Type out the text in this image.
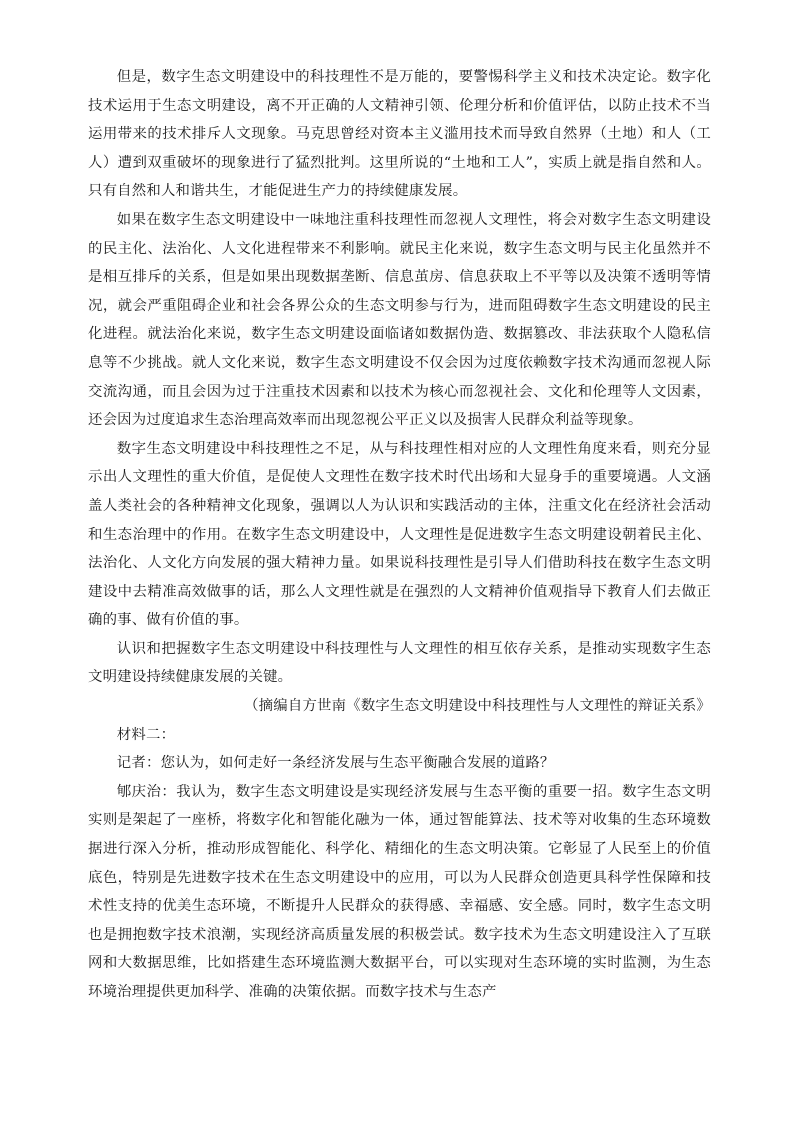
但是，数字生态文明建设中的科技理性不是万能的，要警惕科学主义和技术决定论。数字化技术运用于生态文明建设，离不开正确的人文精神引领、伦理分析和价值评估，以防止技术不当运用带来的技术排斥人文现象。马克思曾经对资本主义滥用技术而导致自然界（土地）和人（工人）遭到双重破坏的现象进行了猛烈批判。这里所说的“土地和工人”，实质上就是指自然和人。只有自然和人和谐共生，才能促进生产力的持续健康发展。

如果在数字生态文明建设中一味地注重科技理性而忽视人文理性，将会对数字生态文明建设的民主化、法治化、人文化进程带来不利影响。就民主化来说，数字生态文明与民主化虽然并不是相互排斥的关系，但是如果出现数据垄断、信息茧房、信息获取上不平等以及决策不透明等情况，就会严重阻碍企业和社会各界公众的生态文明参与行为，进而阻碍数字生态文明建设的民主化进程。就法治化来说，数字生态文明建设面临诸如数据伪造、数据篡改、非法获取个人隐私信息等不少挑战。就人文化来说，数字生态文明建设不仅会因为过度依赖数字技术沟通而忽视人际交流沟通，而且会因为过于注重技术因素和以技术为核心而忽视社会、文化和伦理等人文因素，还会因为过度追求生态治理高效率而出现忽视公平正义以及损害人民群众利益等现象。

数字生态文明建设中科技理性之不足，从与科技理性相对应的人文理性角度来看，则充分显示出人文理性的重大价值，是促使人文理性在数字技术时代出场和大显身手的重要境遇。人文涵盖人类社会的各种精神文化现象，强调以人为认识和实践活动的主体，注重文化在经济社会活动和生态治理中的作用。在数字生态文明建设中，人文理性是促进数字生态文明建设朝着民主化、法治化、人文化方向发展的强大精神力量。如果说科技理性是引导人们借助科技在数字生态文明建设中去精准高效做事的话，那么人文理性就是在强烈的人文精神价值观指导下教育人们去做正确的事、做有价值的事。

认识和把握数字生态文明建设中科技理性与人文理性的相互依存关系，是推动实现数字生态文明建设持续健康发展的关键。

（摘编自方世南《数字生态文明建设中科技理性与人文理性的辩证关系》

材料二：

记者：您认为，如何走好一条经济发展与生态平衡融合发展的道路？

郇庆治：我认为，数字生态文明建设是实现经济发展与生态平衡的重要一招。数字生态文明实则是架起了一座桥，将数字化和智能化融为一体，通过智能算法、技术等对收集的生态环境数据进行深入分析，推动形成智能化、科学化、精细化的生态文明决策。它彰显了人民至上的价值底色，特别是先进数字技术在生态文明建设中的应用，可以为人民群众创造更具科学性保障和技术性支持的优美生态环境，不断提升人民群众的获得感、幸福感、安全感。同时，数字生态文明也是拥抱数字技术浪潮，实现经济高质量发展的积极尝试。数字技术为生态文明建设注入了互联网和大数据思维，比如搭建生态环境监测大数据平台，可以实现对生态环境的实时监测，为生态环境治理提供更加科学、准确的决策依据。而数字技术与生态产
